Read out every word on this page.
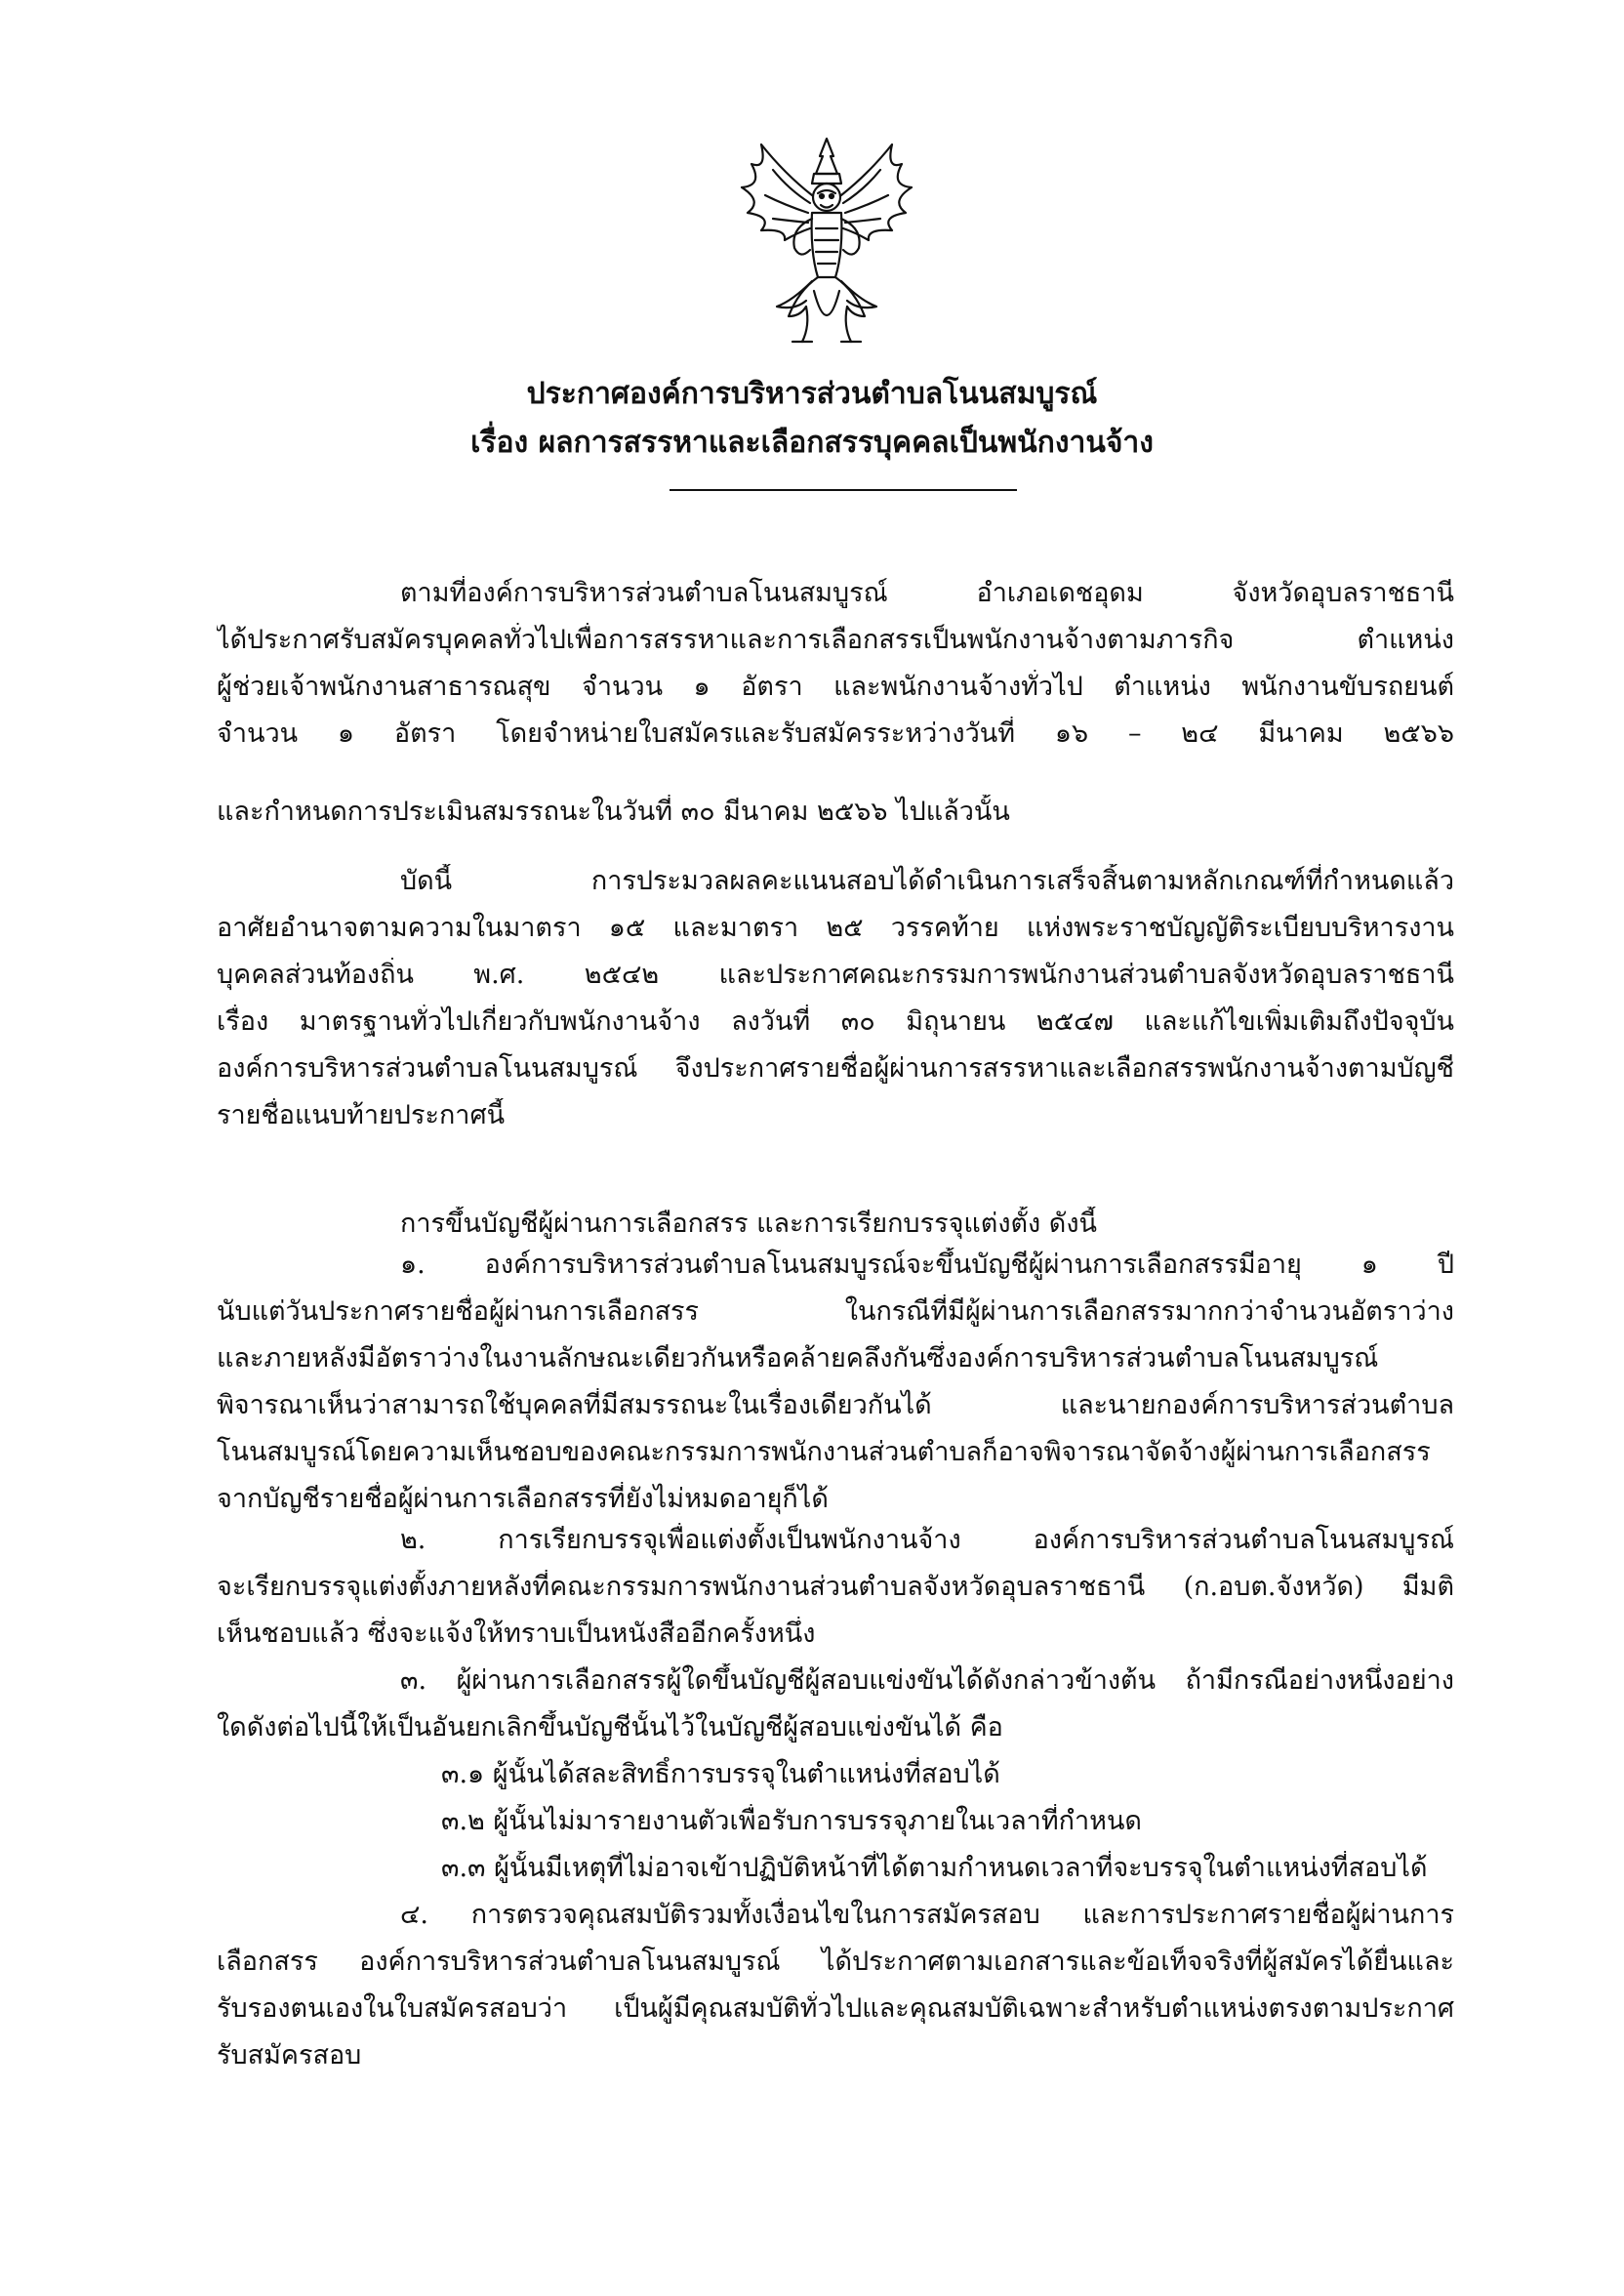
ประกาศองค์การบริหารส่วนตำบลโนนสมบูรณ์
เรื่อง ผลการสรรหาและเลือกสรรบุคคลเป็นพนักงานจ้าง
ตามที่องค์การบริหารส่วนตำบลโนนสมบูรณ์ อำเภอเดชอุดม จังหวัดอุบลราชธานี
ได้ประกาศรับสมัครบุคคลทั่วไปเพื่อการสรรหาและการเลือกสรรเป็นพนักงานจ้างตามภารกิจ ตำแหน่ง
ผู้ช่วยเจ้าพนักงานสาธารณสุข จำนวน ๑ อัตรา และพนักงานจ้างทั่วไป ตำแหน่ง พนักงานขับรถยนต์
จำนวน ๑ อัตรา โดยจำหน่ายใบสมัครและรับสมัครระหว่างวันที่ ๑๖ – ๒๔ มีนาคม ๒๕๖๖
และกำหนดการประเมินสมรรถนะในวันที่ ๓๐ มีนาคม ๒๕๖๖ ไปแล้วนั้น
บัดนี้ การประมวลผลคะแนนสอบได้ดำเนินการเสร็จสิ้นตามหลักเกณฑ์ที่กำหนดแล้ว
อาศัยอำนาจตามความในมาตรา ๑๕ และมาตรา ๒๕ วรรคท้าย แห่งพระราชบัญญัติระเบียบบริหารงาน
บุคคลส่วนท้องถิ่น พ.ศ. ๒๕๔๒ และประกาศคณะกรรมการพนักงานส่วนตำบลจังหวัดอุบลราชธานี
เรื่อง มาตรฐานทั่วไปเกี่ยวกับพนักงานจ้าง ลงวันที่ ๓๐ มิถุนายน ๒๕๔๗ และแก้ไขเพิ่มเติมถึงปัจจุบัน
องค์การบริหารส่วนตำบลโนนสมบูรณ์ จึงประกาศรายชื่อผู้ผ่านการสรรหาและเลือกสรรพนักงานจ้างตามบัญชี
รายชื่อแนบท้ายประกาศนี้
การขึ้นบัญชีผู้ผ่านการเลือกสรร และการเรียกบรรจุแต่งตั้ง ดังนี้
๑. องค์การบริหารส่วนตำบลโนนสมบูรณ์จะขึ้นบัญชีผู้ผ่านการเลือกสรรมีอายุ ๑ ปี
นับแต่วันประกาศรายชื่อผู้ผ่านการเลือกสรร ในกรณีที่มีผู้ผ่านการเลือกสรรมากกว่าจำนวนอัตราว่าง
และภายหลังมีอัตราว่างในงานลักษณะเดียวกันหรือคล้ายคลึงกันซึ่งองค์การบริหารส่วนตำบลโนนสมบูรณ์
พิจารณาเห็นว่าสามารถใช้บุคคลที่มีสมรรถนะในเรื่องเดียวกันได้ และนายกองค์การบริหารส่วนตำบล
โนนสมบูรณ์โดยความเห็นชอบของคณะกรรมการพนักงานส่วนตำบลก็อาจพิจารณาจัดจ้างผู้ผ่านการเลือกสรร
จากบัญชีรายชื่อผู้ผ่านการเลือกสรรที่ยังไม่หมดอายุก็ได้
๒. การเรียกบรรจุเพื่อแต่งตั้งเป็นพนักงานจ้าง องค์การบริหารส่วนตำบลโนนสมบูรณ์
จะเรียกบรรจุแต่งตั้งภายหลังที่คณะกรรมการพนักงานส่วนตำบลจังหวัดอุบลราชธานี (ก.อบต.จังหวัด) มีมติ
เห็นชอบแล้ว ซึ่งจะแจ้งให้ทราบเป็นหนังสืออีกครั้งหนึ่ง
๓. ผู้ผ่านการเลือกสรรผู้ใดขึ้นบัญชีผู้สอบแข่งขันได้ดังกล่าวข้างต้น ถ้ามีกรณีอย่างหนึ่งอย่าง
ใดดังต่อไปนี้ให้เป็นอันยกเลิกขึ้นบัญชีนั้นไว้ในบัญชีผู้สอบแข่งขันได้ คือ
๓.๑ ผู้นั้นได้สละสิทธิ์การบรรจุในตำแหน่งที่สอบได้
๓.๒ ผู้นั้นไม่มารายงานตัวเพื่อรับการบรรจุภายในเวลาที่กำหนด
๓.๓ ผู้นั้นมีเหตุที่ไม่อาจเข้าปฏิบัติหน้าที่ได้ตามกำหนดเวลาที่จะบรรจุในตำแหน่งที่สอบได้
๔. การตรวจคุณสมบัติรวมทั้งเงื่อนไขในการสมัครสอบ และการประกาศรายชื่อผู้ผ่านการ
เลือกสรร องค์การบริหารส่วนตำบลโนนสมบูรณ์ ได้ประกาศตามเอกสารและข้อเท็จจริงที่ผู้สมัครได้ยื่นและ
รับรองตนเองในใบสมัครสอบว่า เป็นผู้มีคุณสมบัติทั่วไปและคุณสมบัติเฉพาะสำหรับตำแหน่งตรงตามประกาศ
รับสมัครสอบ
